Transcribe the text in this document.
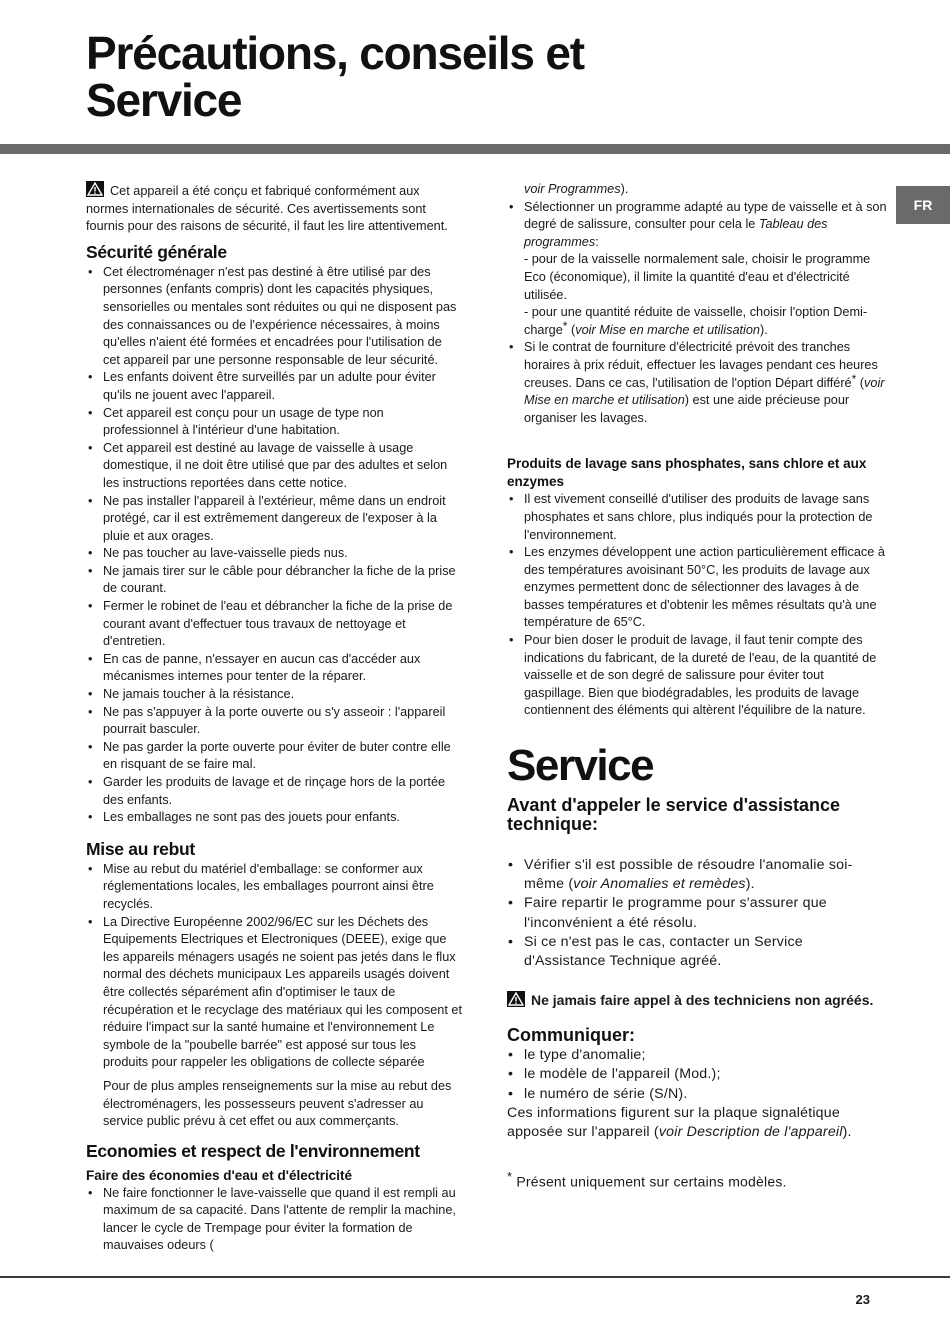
Précautions, conseils et
Service
FR

Cet appareil a été conçu et fabriqué conformément aux normes internationales de sécurité. Ces avertissements sont fournis pour des raisons de sécurité, il faut les lire attentivement.

Sécurité générale
• Cet électroménager n'est pas destiné à être utilisé par des personnes (enfants compris) dont les capacités physiques, sensorielles ou mentales sont réduites ou qui ne disposent pas des connaissances ou de l'expérience nécessaires, à moins qu'elles n'aient été formées et encadrées pour l'utilisation de cet appareil par une personne responsable de leur sécurité.
• Les enfants doivent être surveillés par un adulte pour éviter qu'ils ne jouent avec l'appareil.
• Cet appareil est conçu pour un usage de type non professionnel à l'intérieur d'une habitation.
• Cet appareil est destiné au lavage de vaisselle à usage domestique, il ne doit être utilisé que par des adultes et selon les instructions reportées dans cette notice.
• Ne pas installer l'appareil à l'extérieur, même dans un endroit protégé, car il est extrêmement dangereux de l'exposer à la pluie et aux orages.
• Ne pas toucher au lave-vaisselle pieds nus.
• Ne jamais tirer sur le câble pour débrancher la fiche de la prise de courant.
• Fermer le robinet de l'eau et débrancher la fiche de la prise de courant avant d'effectuer tous travaux de nettoyage et d'entretien.
• En cas de panne, n'essayer en aucun cas d'accéder aux mécanismes internes pour tenter de la réparer.
• Ne jamais toucher à la résistance.
• Ne pas s'appuyer à la porte ouverte ou s'y asseoir : l'appareil pourrait basculer.
• Ne pas garder la porte ouverte pour éviter de buter contre elle en risquant de se faire mal.
• Garder les produits de lavage et de rinçage hors de la portée des enfants.
• Les emballages ne sont pas des jouets pour enfants.
Mise au rebut
• Mise au rebut du matériel d'emballage: se conformer aux réglementations locales, les emballages pourront ainsi être recyclés.
• La Directive Européenne 2002/96/EC sur les Déchets des Equipements Electriques et Electroniques (DEEE), exige que les appareils ménagers usagés ne soient pas jetés dans le flux normal des déchets municipaux Les appareils usagés doivent être collectés séparément afin d'optimiser le taux de récupération et le recyclage des matériaux qui les composent et réduire l'impact sur la santé humaine et l'environnement Le symbole de la "poubelle barrée" est apposé sur tous les produits pour rappeler les obligations de collecte séparée

Pour de plus amples renseignements sur la mise au rebut des électroménagers, les possesseurs peuvent s'adresser au service public prévu à cet effet ou aux commerçants.

Economies et respect de l'environnement
Faire des économies d'eau et d'électricité
• Ne faire fonctionner le lave-vaisselle que quand il est rempli au maximum de sa capacité. Dans l'attente de remplir la machine, lancer le cycle de Trempage pour éviter la formation de mauvaises odeurs (
voir Programmes).
• Sélectionner un programme adapté au type de vaisselle et à son degré de salissure, consulter pour cela le Tableau des programmes:
- pour de la vaisselle normalement sale, choisir le programme Eco (économique), il limite la quantité d'eau et d'électricité utilisée.
- pour une quantité réduite de vaisselle, choisir l'option Demi-charge* (voir Mise en marche et utilisation).
• Si le contrat de fourniture d'électricité prévoit des tranches horaires à prix réduit, effectuer les lavages pendant ces heures creuses. Dans ce cas, l'utilisation de l'option Départ différé* (voir Mise en marche et utilisation) est une aide précieuse pour organiser les lavages.
Produits de lavage sans phosphates, sans chlore et aux enzymes
• Il est vivement conseillé d'utiliser des produits de lavage sans phosphates et sans chlore, plus indiqués pour la protection de l'environnement.
• Les enzymes développent une action particulièrement efficace à des températures avoisinant 50°C, les produits de lavage aux enzymes permettent donc de sélectionner des lavages à de basses températures et d'obtenir les mêmes résultats qu'à une température de 65°C.
• Pour bien doser le produit de lavage, il faut tenir compte des indications du fabricant, de la dureté de l'eau, de la quantité de vaisselle et de son degré de salissure pour éviter tout gaspillage. Bien que biodégradables, les produits de lavage contiennent des éléments qui altèrent l'équilibre de la nature.
Service
Avant d'appeler le service d'assistance technique:
• Vérifier s'il est possible de résoudre l'anomalie soi-même (voir Anomalies et remèdes).
• Faire repartir le programme pour s'assurer que l'inconvénient a été résolu.
• Si ce n'est pas le cas, contacter un Service d'Assistance Technique agréé.

Ne jamais faire appel à des techniciens non agréés.

Communiquer:
• le type d'anomalie;
• le modèle de l'appareil (Mod.);
• le numéro de série (S/N).

Ces informations figurent sur la plaque signalétique apposée sur l'appareil (voir Description de l'appareil).

* Présent uniquement sur certains modèles.

23
